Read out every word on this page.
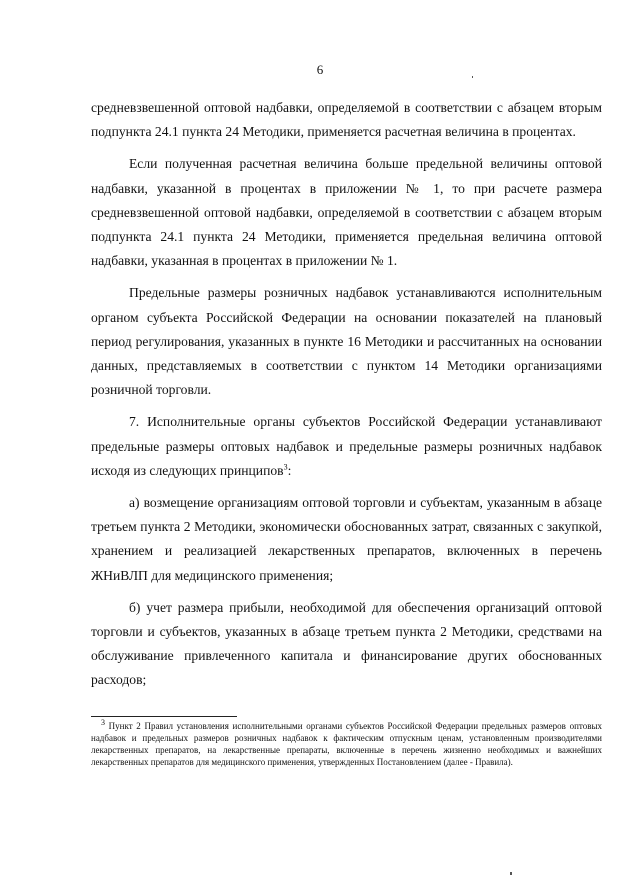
6

средневзвешенной оптовой надбавки, определяемой в соответствии с абзацем вторым подпункта 24.1 пункта 24 Методики, применяется расчетная величина в процентах.

Если полученная расчетная величина больше предельной величины оптовой надбавки, указанной в процентах в приложении № 1, то при расчете размера средневзвешенной оптовой надбавки, определяемой в соответствии с абзацем вторым подпункта 24.1 пункта 24 Методики, применяется предельная величина оптовой надбавки, указанная в процентах в приложении № 1.

Предельные размеры розничных надбавок устанавливаются исполнительным органом субъекта Российской Федерации на основании показателей на плановый период регулирования, указанных в пункте 16 Методики и рассчитанных на основании данных, представляемых в соответствии с пунктом 14 Методики организациями розничной торговли.

7. Исполнительные органы субъектов Российской Федерации устанавливают предельные размеры оптовых надбавок и предельные размеры розничных надбавок исходя из следующих принципов$^3$:

а) возмещение организациям оптовой торговли и субъектам, указанным в абзаце третьем пункта 2 Методики, экономически обоснованных затрат, связанных с закупкой, хранением и реализацией лекарственных препаратов, включенных в перечень ЖНиВЛП для медицинского применения;

б) учет размера прибыли, необходимой для обеспечения организаций оптовой торговли и субъектов, указанных в абзаце третьем пункта 2 Методики, средствами на обслуживание привлеченного капитала и финансирование других обоснованных расходов;

$^3$ Пункт 2 Правил установления исполнительными органами субъектов Российской Федерации предельных размеров оптовых надбавок и предельных размеров розничных надбавок к фактическим отпускным ценам, установленным производителями лекарственных препаратов, на лекарственные препараты, включенные в перечень жизненно необходимых и важнейших лекарственных препаратов для медицинского применения, утвержденных Постановлением (далее - Правила).
